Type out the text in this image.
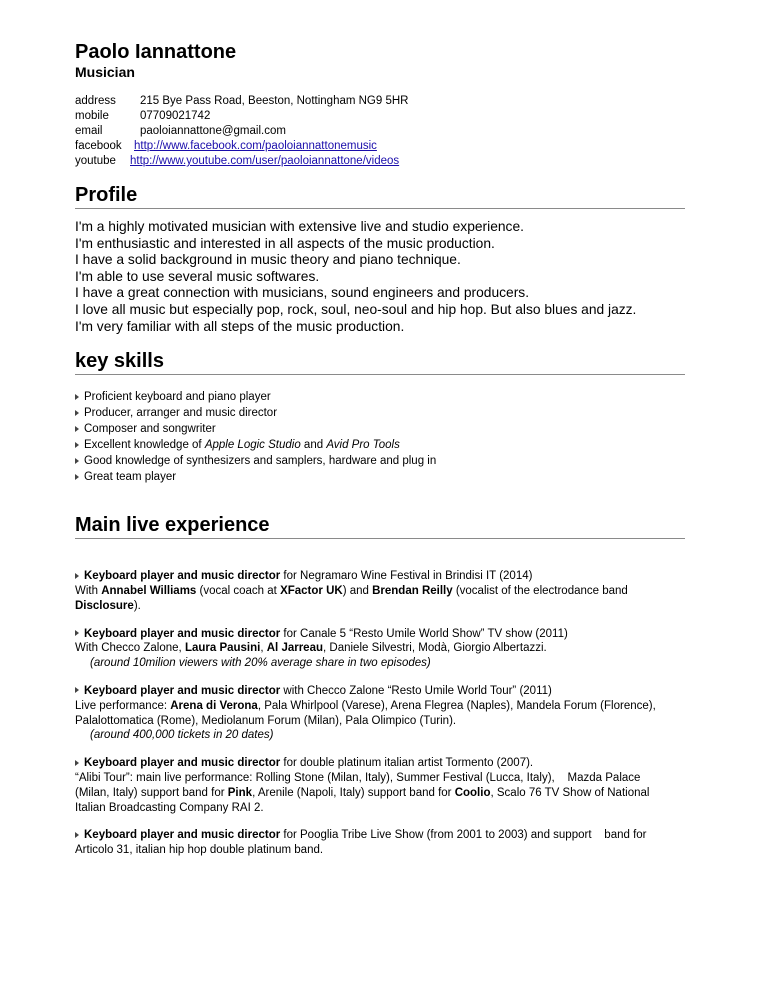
Paolo Iannattone
Musician
address 215 Bye Pass Road, Beeston, Nottingham NG9 5HR
mobile	07709021742
email	paoloiannattone@gmail.com
facebook http://www.facebook.com/paoloiannattonemusic
youtube http://www.youtube.com/user/paoloiannattone/videos
Profile
I'm a highly motivated musician with extensive live and studio experience.
I'm enthusiastic and interested in all aspects of the music production.
I have a solid background in music theory and piano technique.
I'm able to use several music softwares.
I have a great connection with musicians, sound engineers and producers.
I love all music but especially pop, rock, soul, neo-soul and hip hop. But also blues and jazz.
I'm very familiar with all steps of the music production.
key skills
Proficient keyboard and piano player
Producer, arranger and music director
Composer and songwriter
Excellent knowledge of Apple Logic Studio and Avid Pro Tools
Good knowledge of synthesizers and samplers, hardware and plug in
Great team player
Main live experience
Keyboard player and music director for Negramaro Wine Festival in Brindisi IT (2014)
With Annabel Williams (vocal coach at XFactor UK) and Brendan Reilly (vocalist of the electrodance band
Disclosure).
Keyboard player and music director for Canale 5 “Resto Umile World Show” TV show (2011)
With Checco Zalone, Laura Pausini, Al Jarreau, Daniele Silvestri, Modà, Giorgio Albertazzi.
(around 10milion viewers with 20% average share in two episodes)
Keyboard player and music director with Checco Zalone “Resto Umile World Tour” (2011)
Live performance: Arena di Verona, Pala Whirlpool (Varese), Arena Flegrea (Naples), Mandela Forum (Florence),
Palalottomatica (Rome), Mediolanum Forum (Milan), Pala Olimpico (Turin).
(around 400,000 tickets in 20 dates)
Keyboard player and music director for double platinum italian artist Tormento (2007).
“Alibi Tour”: main live performance: Rolling Stone (Milan, Italy), Summer Festival (Lucca, Italy),    Mazda Palace
(Milan, Italy) support band for Pink, Arenile (Napoli, Italy) support band for Coolio, Scalo 76 TV Show of National
Italian Broadcasting Company RAI 2.
Keyboard player and music director for Pooglia Tribe Live Show (from 2001 to 2003) and support    band for
Articolo 31, italian hip hop double platinum band.
